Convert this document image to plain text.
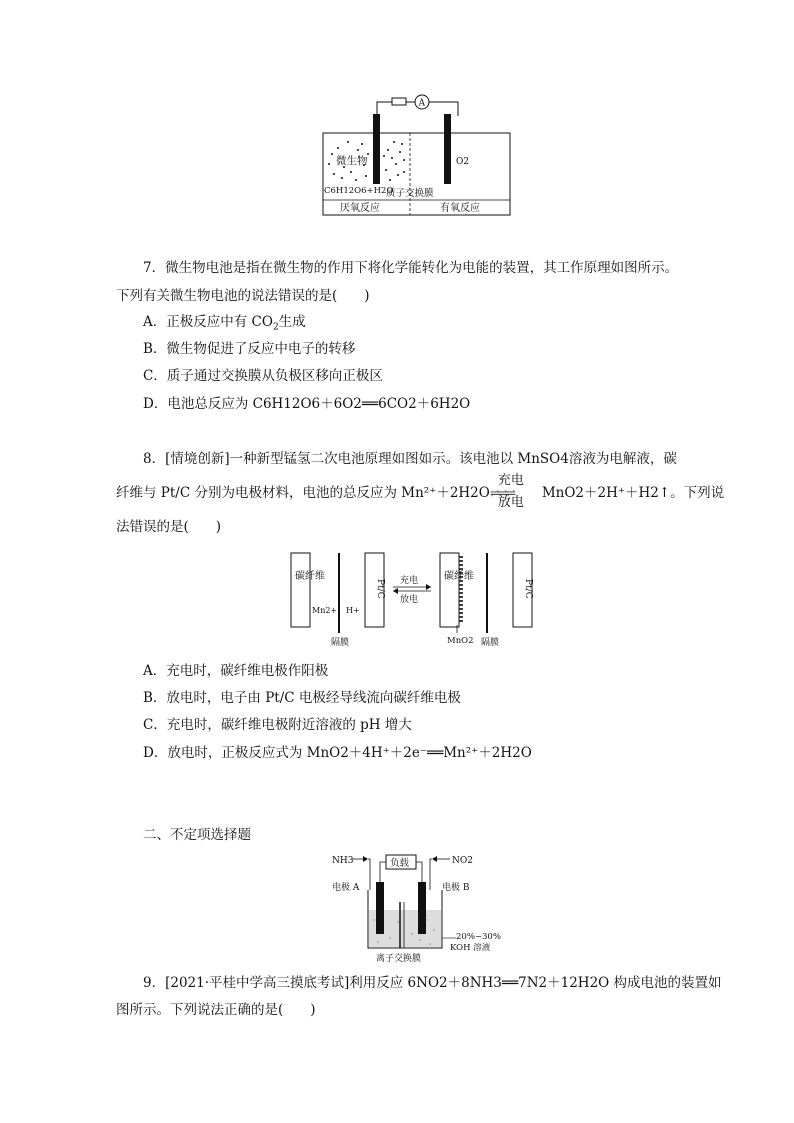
A
微生物
C6H12O6+H2O
质子交换膜
O2
厌氧反应	有氧反应
7．微生物电池是指在微生物的作用下将化学能转化为电能的装置，其工作原理如图所示。
下列有关微生物电池的说法错误的是(　　)
A．正极反应中有 $CO_2$生成
B．微生物促进了反应中电子的转移
C．质子通过交换膜从负极区移向正极区
D．电池总反应为 C6H12O6＋6O2══6CO2＋6H2O
8．[情境创新]一种新型锰氢二次电池原理如图如示。该电池以 MnSO4溶液为电解液，碳
纤维与 Pt/C 分别为电极材料，电池的总反应为 Mn²⁺＋2H2O ⇌⇌⇌
充电
放电
MnO2＋2H⁺＋H2↑。下列说
法错误的是(　　)
碳纤维
Mn2+ H+
Pt/C
隔膜
充电
放电
碳纤维
MnO2 隔膜
Pt/C
A．充电时，碳纤维电极作阳极
B．放电时，电子由 Pt/C 电极经导线流向碳纤维电极
C．充电时，碳纤维电极附近溶液的 pH 增大
D．放电时，正极反应式为 MnO2＋4H⁺＋2e⁻══Mn²⁺＋2H2O
二、不定项选择题
NH3	NO2
负载
电极 A	电极 B
20%~30%
KOH 溶液
离子交换膜
9．[2021·平桂中学高三摸底考试]利用反应 6NO2＋8NH3══7N2＋12H2O 构成电池的装置如
图所示。下列说法正确的是(　　)
